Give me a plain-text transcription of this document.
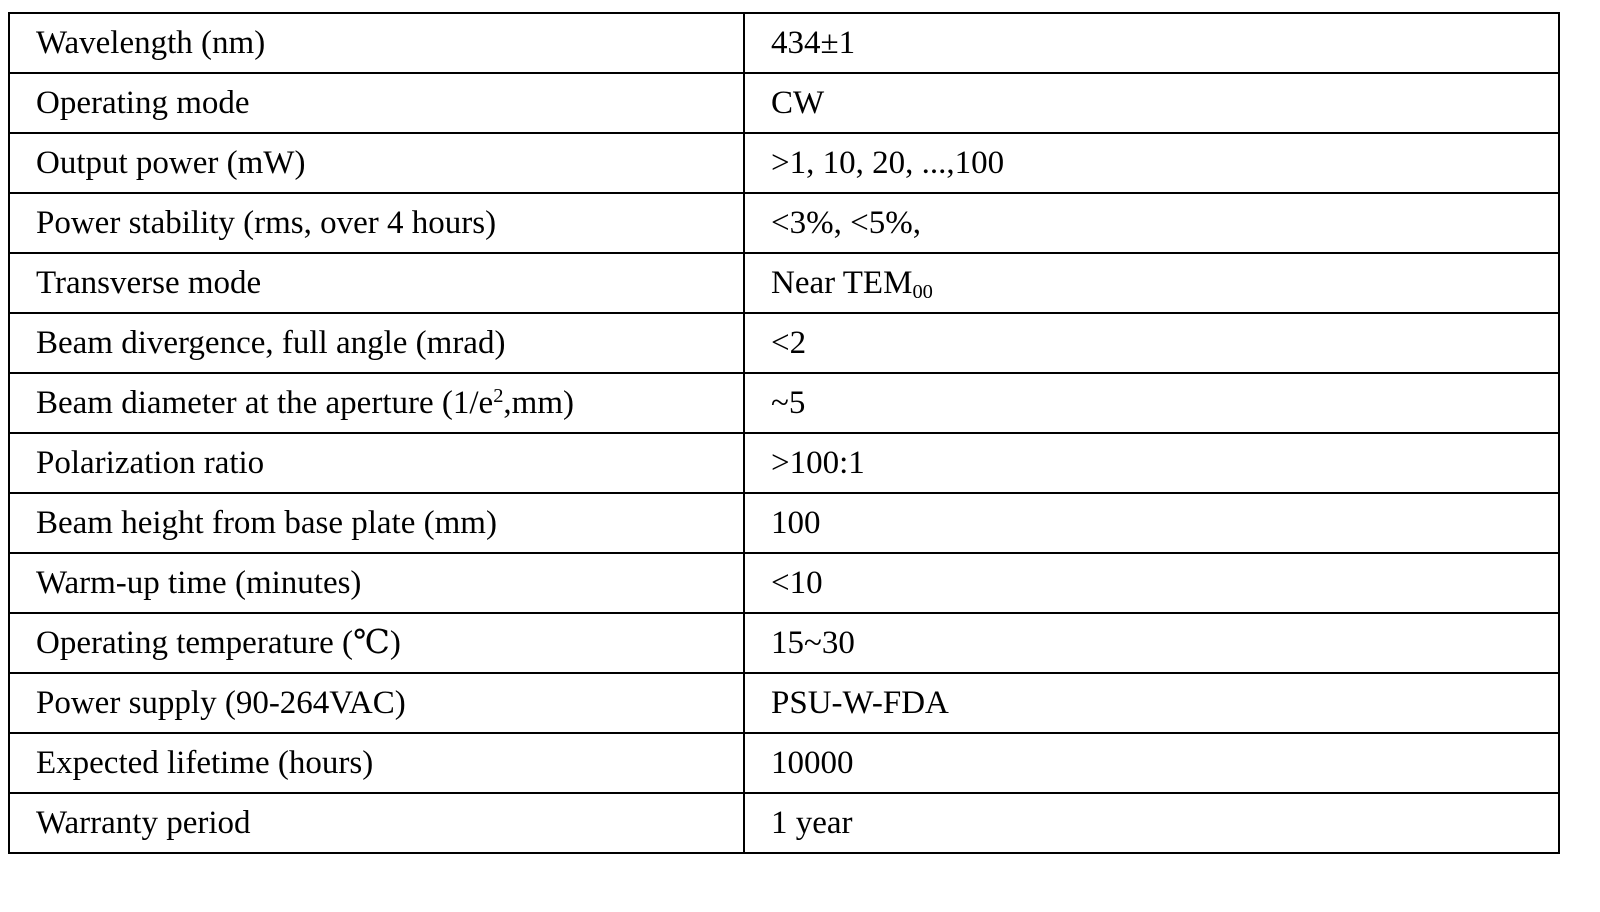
Wavelength (nm)	434±1
Operating mode	CW
Output power (mW)	>1, 10, 20, ...,100
Power stability (rms, over 4 hours)	<3%, <5%,
Transverse mode	Near $TEM_{00}$
Beam divergence, full angle (mrad)	<2
Beam diameter at the aperture $(1/e^2,mm)$	~5
Polarization ratio	>100:1
Beam height from base plate (mm)	100
Warm-up time (minutes)	<10
Operating temperature (℃)	15~30
Power supply (90-264VAC)	PSU-W-FDA
Expected lifetime (hours)	10000
Warranty period	1 year
